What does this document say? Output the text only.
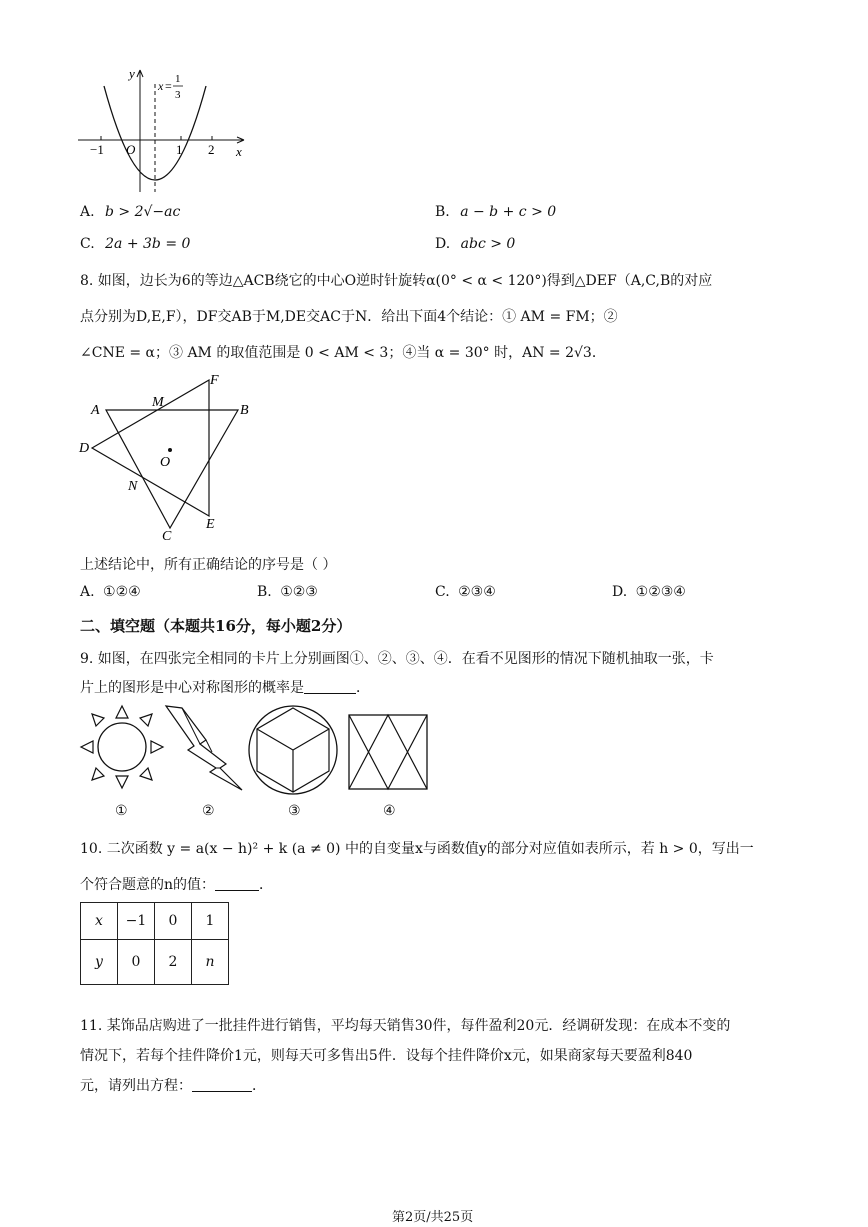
x
y
O
−1	1 2
x = 1
3
A. b > 2√−ac	B. a − b + c > 0
C. 2a + 3b = 0	D. abc > 0
8. 如图，边长为6的等边△ACB绕它的中心O逆时针旋转α(0° < α < 120°)得到△DEF（A,C,B的对应
点分别为D,E,F），DF交AB于M,DE交AC于N．给出下面4个结论：① AM = FM；②
∠CNE = α；③ AM 的取值范围是 0 < AM < 3；④当 α = 30° 时，AN = 2√3．
A	B
C
D
E
F
M
N
O
上述结论中，所有正确结论的序号是（ ）
A. ①②④	B. ①②③	C. ②③④	D. ①②③④
二、填空题（本题共16分，每小题2分）
9. 如图，在四张完全相同的卡片上分别画图①、②、③、④．在看不见图形的情况下随机抽取一张，卡
片上的图形是中心对称图形的概率是	．
①	②	③	④
10. 二次函数 y = a(x − h)² + k (a ≠ 0) 中的自变量x与函数值y的部分对应值如表所示，若 h > 0，写出一
个符合题意的n的值：	．
x	−1	0	1
y	0	2	n
11. 某饰品店购进了一批挂件进行销售，平均每天销售30件，每件盈利20元．经调研发现：在成本不变的
情况下，若每个挂件降价1元，则每天可多售出5件．设每个挂件降价x元，如果商家每天要盈利840
元，请列出方程：	．
第2页/共25页
